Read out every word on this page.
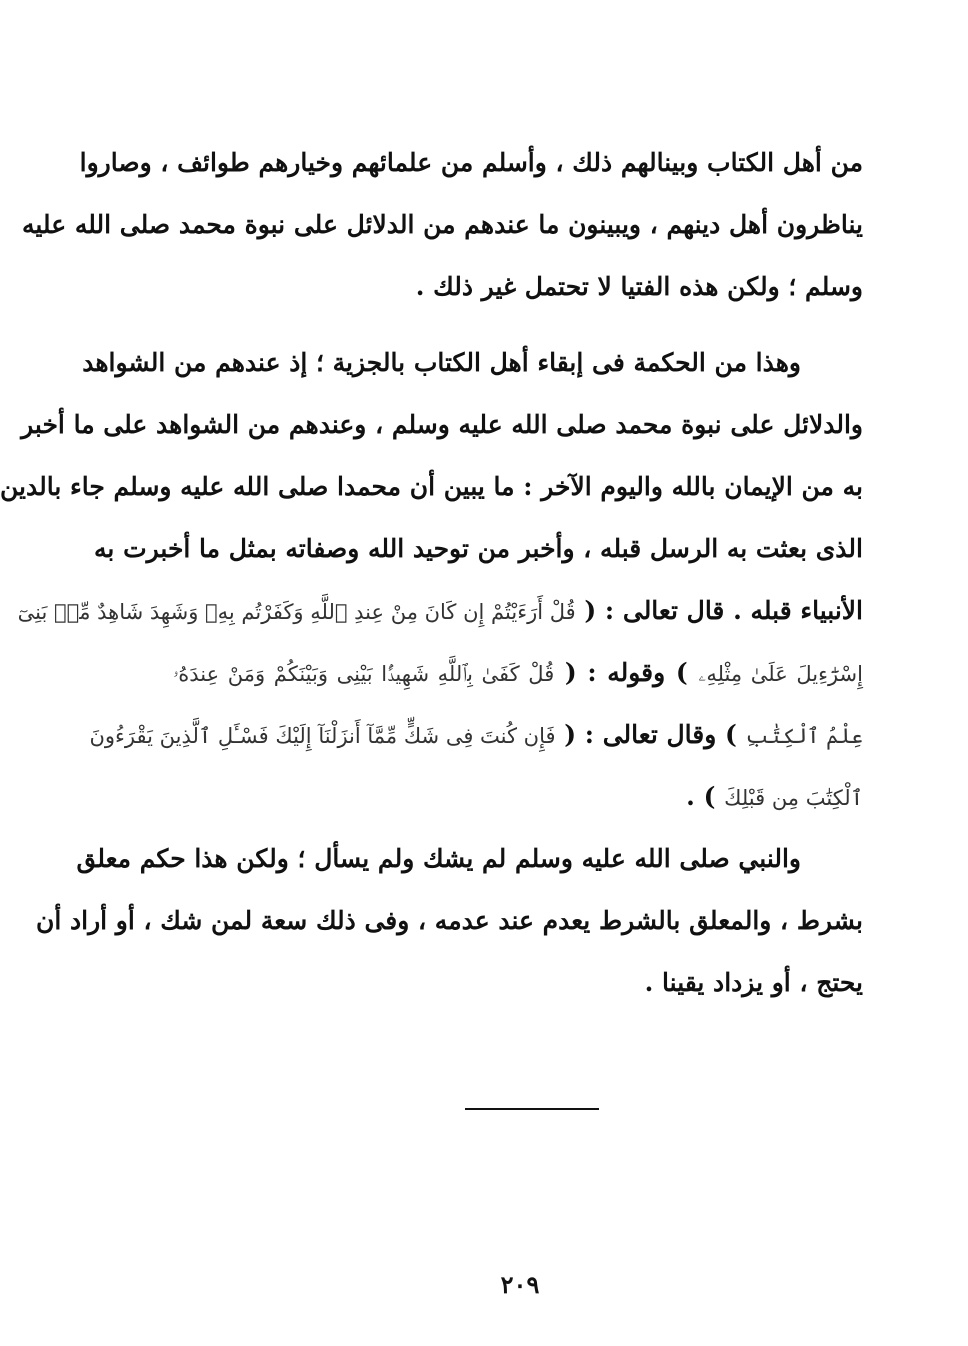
من أهل الكتاب وبينالهم ذلك ، وأسلم من علمائهم وخيارهم طوائف ، وصاروا
يناظرون أهل دينهم ، ويبينون ما عندهم من الدلائل على نبوة محمد صلى الله عليه
وسلم ؛ ولكن هذه الفتيا لا تحتمل غير ذلك .
وهذا من الحكمة فى إبقاء أهل الكتاب بالجزية ؛ إذ عندهم من الشواهد
والدلائل على نبوة محمد صلى الله عليه وسلم ، وعندهم من الشواهد على ما أخبر
به من الإيمان بالله واليوم الآخر : ما يبين أن محمدا صلى الله عليه وسلم جاء بالدين
الذى بعثت به الرسل قبله ، وأخبر من توحيد الله وصفاته بمثل ما أخبرت به
الأنبياء قبله . قال تعالى : ( قُلْ أَرَءَيْتُمْ إِن كَانَ مِنْ عِندِ ٱللَّهِ وَكَفَرْتُم بِهِۦ وَشَهِدَ شَاهِدٌ مِّنۢ بَنِىٓ
إِسْرَٰٓءِيلَ عَلَىٰ مِثْلِهِۦ ) وقوله : ( قُلْ كَفَىٰ بِٱللَّهِ شَهِيدًۢا بَيْنِى وَبَيْنَكُمْ وَمَنْ عِندَهُۥ
عِلْمُ ٱلْكِتَٰبِ ) وقال تعالى : ( فَإِن كُنتَ فِى شَكٍّ مِّمَّآ أَنزَلْنَآ إِلَيْكَ فَسْـَٔلِ ٱلَّذِينَ يَقْرَءُونَ
ٱلْكِتَٰبَ مِن قَبْلِكَ ) .
والنبي صلى الله عليه وسلم لم يشك ولم يسأل ؛ ولكن هذا حكم معلق
بشرط ، والمعلق بالشرط يعدم عند عدمه ، وفى ذلك سعة لمن شك ، أو أراد أن
يحتج ، أو يزداد يقينا .
٢٠٩
